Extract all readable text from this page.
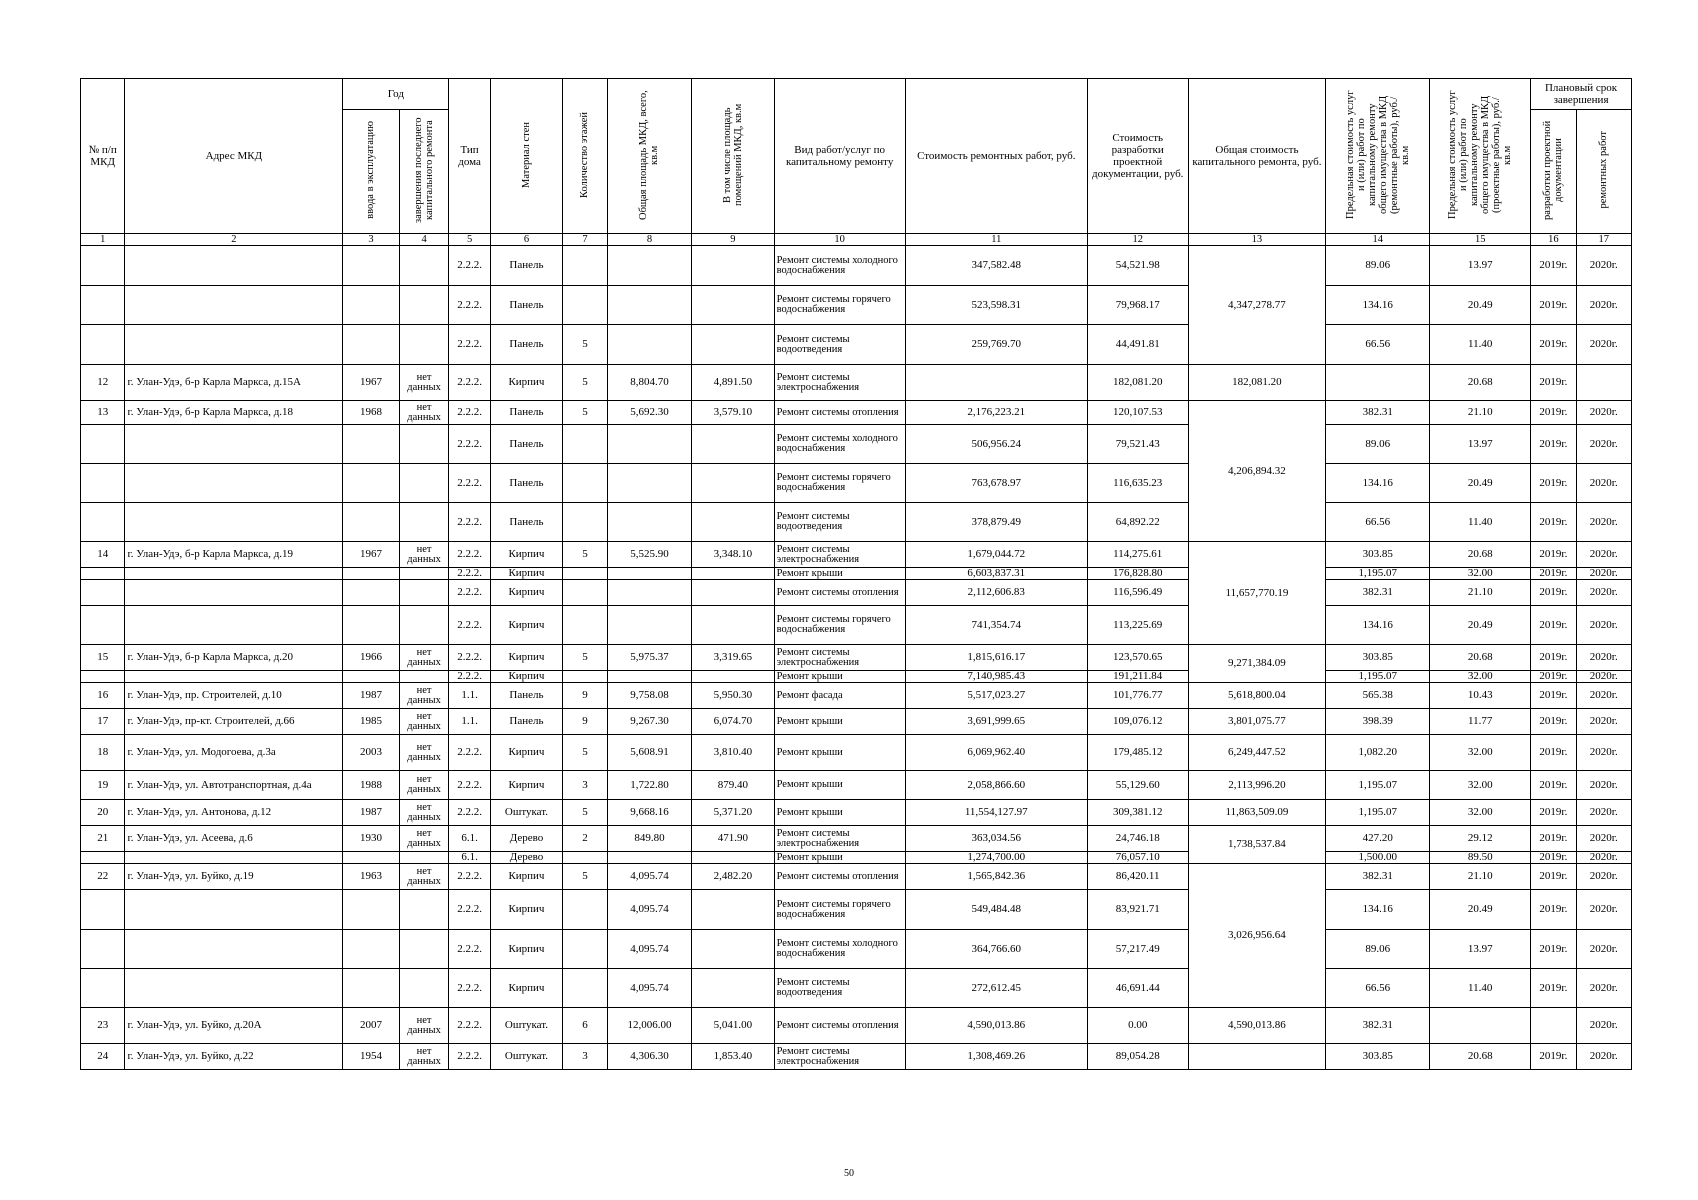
№ п/п МКД	Адрес МКД	Год		Тип дома	Материал стен	Количество этажей	Общая площадь МКД, всего, кв.м	В том числе площадь помещений МКД, кв.м	Вид работ/услуг по капитальному ремонту	Стоимость ремонтных работ, руб.	Стоимость разработки проектной документации, руб.	Общая стоимость капитального ремонта, руб.	Предельная стоимость услуг и (или) работ по капитальному ремонту общего имущества в МКД (ремонтные работы), руб./кв.м	Предельная стоимость услуг и (или) работ по капитальному ремонту общего имущества в МКД (проектные работы), руб./кв.м	Плановый срок завершения	
		ввода в эксплуатацию	завершения последнего капитального ремонта												разработки проектной документации	ремонтных работ
1	2	3	4	5	6	7	8	9	10	11	12	13	14	15	16	17
				2.2.2.	Панель				Ремонт системы холодного водоснабжения	347,582.48	54,521.98	4,347,278.77	89.06	13.97	2019г.	2020г.
				2.2.2.	Панель				Ремонт системы горячего водоснабжения	523,598.31	79,968.17		134.16	20.49	2019г.	2020г.
				2.2.2.	Панель	5			Ремонт системы водоотведения	259,769.70	44,491.81		66.56	11.40	2019г.	2020г.
12	г. Улан-Удэ, б-р Карла Маркса, д.15А	1967	нет данных	2.2.2.	Кирпич	5	8,804.70	4,891.50	Ремонт системы электроснабжения		182,081.20	182,081.20		20.68	2019г.	
13	г. Улан-Удэ, б-р Карла Маркса, д.18	1968	нет данных	2.2.2.	Панель	5	5,692.30	3,579.10	Ремонт системы отопления	2,176,223.21	120,107.53	4,206,894.32	382.31	21.10	2019г.	2020г.
				2.2.2.	Панель				Ремонт системы холодного водоснабжения	506,956.24	79,521.43		89.06	13.97	2019г.	2020г.
				2.2.2.	Панель				Ремонт системы горячего водоснабжения	763,678.97	116,635.23		134.16	20.49	2019г.	2020г.
				2.2.2.	Панель				Ремонт системы водоотведения	378,879.49	64,892.22		66.56	11.40	2019г.	2020г.
14	г. Улан-Удэ, б-р Карла Маркса, д.19	1967	нет данных	2.2.2.	Кирпич	5	5,525.90	3,348.10	Ремонт системы электроснабжения	1,679,044.72	114,275.61	11,657,770.19	303.85	20.68	2019г.	2020г.
				2.2.2.	Кирпич				Ремонт крыши	6,603,837.31	176,828.80		1,195.07	32.00	2019г.	2020г.
				2.2.2.	Кирпич				Ремонт системы отопления	2,112,606.83	116,596.49		382.31	21.10	2019г.	2020г.
				2.2.2.	Кирпич				Ремонт системы горячего водоснабжения	741,354.74	113,225.69		134.16	20.49	2019г.	2020г.
15	г. Улан-Удэ, б-р Карла Маркса, д.20	1966	нет данных	2.2.2.	Кирпич	5	5,975.37	3,319.65	Ремонт системы электроснабжения	1,815,616.17	123,570.65	9,271,384.09	303.85	20.68	2019г.	2020г.
				2.2.2.	Кирпич				Ремонт крыши	7,140,985.43	191,211.84		1,195.07	32.00	2019г.	2020г.
16	г. Улан-Удэ, пр. Строителей, д.10	1987	нет данных	1.1.	Панель	9	9,758.08	5,950.30	Ремонт фасада	5,517,023.27	101,776.77	5,618,800.04	565.38	10.43	2019г.	2020г.
17	г. Улан-Удэ, пр-кт. Строителей, д.66	1985	нет данных	1.1.	Панель	9	9,267.30	6,074.70	Ремонт крыши	3,691,999.65	109,076.12	3,801,075.77	398.39	11.77	2019г.	2020г.
18	г. Улан-Удэ, ул. Модогоева, д.3а	2003	нет данных	2.2.2.	Кирпич	5	5,608.91	3,810.40	Ремонт крыши	6,069,962.40	179,485.12	6,249,447.52	1,082.20	32.00	2019г.	2020г.
19	г. Улан-Удэ, ул. Автотранспортная, д.4а	1988	нет данных	2.2.2.	Кирпич	3	1,722.80	879.40	Ремонт крыши	2,058,866.60	55,129.60	2,113,996.20	1,195.07	32.00	2019г.	2020г.
20	г. Улан-Удэ, ул. Антонова, д.12	1987	нет данных	2.2.2.	Оштукат.	5	9,668.16	5,371.20	Ремонт крыши	11,554,127.97	309,381.12	11,863,509.09	1,195.07	32.00	2019г.	2020г.
21	г. Улан-Удэ, ул. Асеева, д.6	1930	нет данных	6.1.	Дерево	2	849.80	471.90	Ремонт системы электроснабжения	363,034.56	24,746.18	1,738,537.84	427.20	29.12	2019г.	2020г.
				6.1.	Дерево				Ремонт крыши	1,274,700.00	76,057.10		1,500.00	89.50	2019г.	2020г.
22	г. Улан-Удэ, ул. Буйко, д.19	1963	нет данных	2.2.2.	Кирпич	5	4,095.74	2,482.20	Ремонт системы отопления	1,565,842.36	86,420.11	3,026,956.64	382.31	21.10	2019г.	2020г.
				2.2.2.	Кирпич		4,095.74		Ремонт системы горячего водоснабжения	549,484.48	83,921.71		134.16	20.49	2019г.	2020г.
				2.2.2.	Кирпич		4,095.74		Ремонт системы холодного водоснабжения	364,766.60	57,217.49		89.06	13.97	2019г.	2020г.
				2.2.2.	Кирпич		4,095.74		Ремонт системы водоотведения	272,612.45	46,691.44		66.56	11.40	2019г.	2020г.
23	г. Улан-Удэ, ул. Буйко, д.20А	2007	нет данных	2.2.2.	Оштукат.	6	12,006.00	5,041.00	Ремонт системы отопления	4,590,013.86	0.00	4,590,013.86	382.31			2020г.
24	г. Улан-Удэ, ул. Буйко, д.22	1954	нет данных	2.2.2.	Оштукат.	3	4,306.30	1,853.40	Ремонт системы электроснабжения	1,308,469.26	89,054.28		303.85	20.68	2019г.	2020г.
50
